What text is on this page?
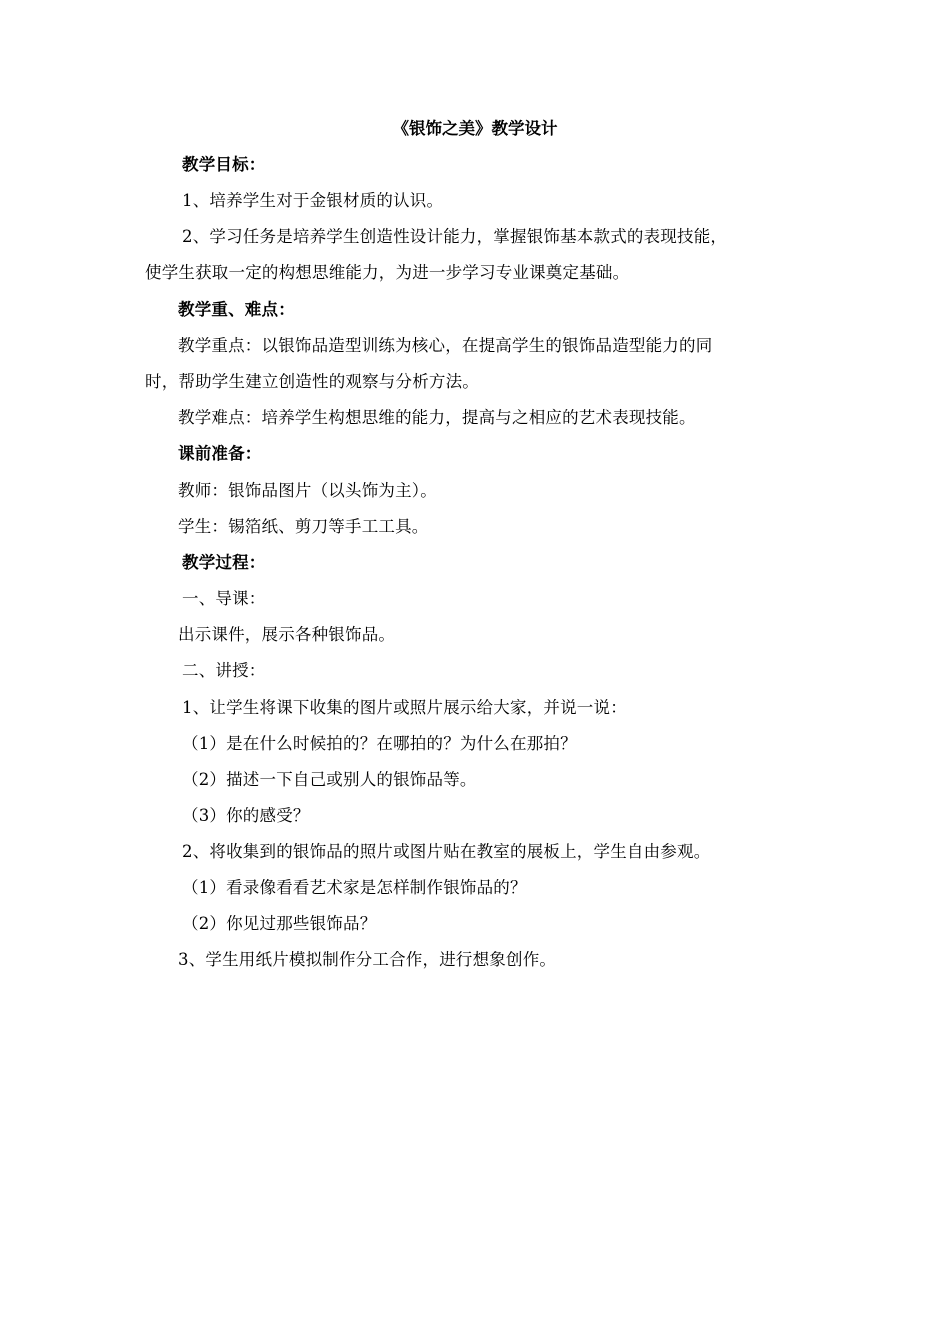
《银饰之美》教学设计
教学目标：
1、培养学生对于金银材质的认识。
2、学习任务是培养学生创造性设计能力，掌握银饰基本款式的表现技能，
使学生获取一定的构想思维能力，为进一步学习专业课奠定基础。
教学重、难点：
教学重点：以银饰品造型训练为核心，在提高学生的银饰品造型能力的同
时，帮助学生建立创造性的观察与分析方法。
教学难点：培养学生构想思维的能力，提高与之相应的艺术表现技能。
课前准备：
教师：银饰品图片（以头饰为主）。
学生：锡箔纸、剪刀等手工工具。
教学过程：
一、导课：
出示课件，展示各种银饰品。
二、讲授：
1、让学生将课下收集的图片或照片展示给大家，并说一说：
（1）是在什么时候拍的？在哪拍的？为什么在那拍？
（2）描述一下自己或别人的银饰品等。
（3）你的感受？
2、将收集到的银饰品的照片或图片贴在教室的展板上，学生自由参观。
（1）看录像看看艺术家是怎样制作银饰品的？
（2）你见过那些银饰品？
3、学生用纸片模拟制作分工合作，进行想象创作。
